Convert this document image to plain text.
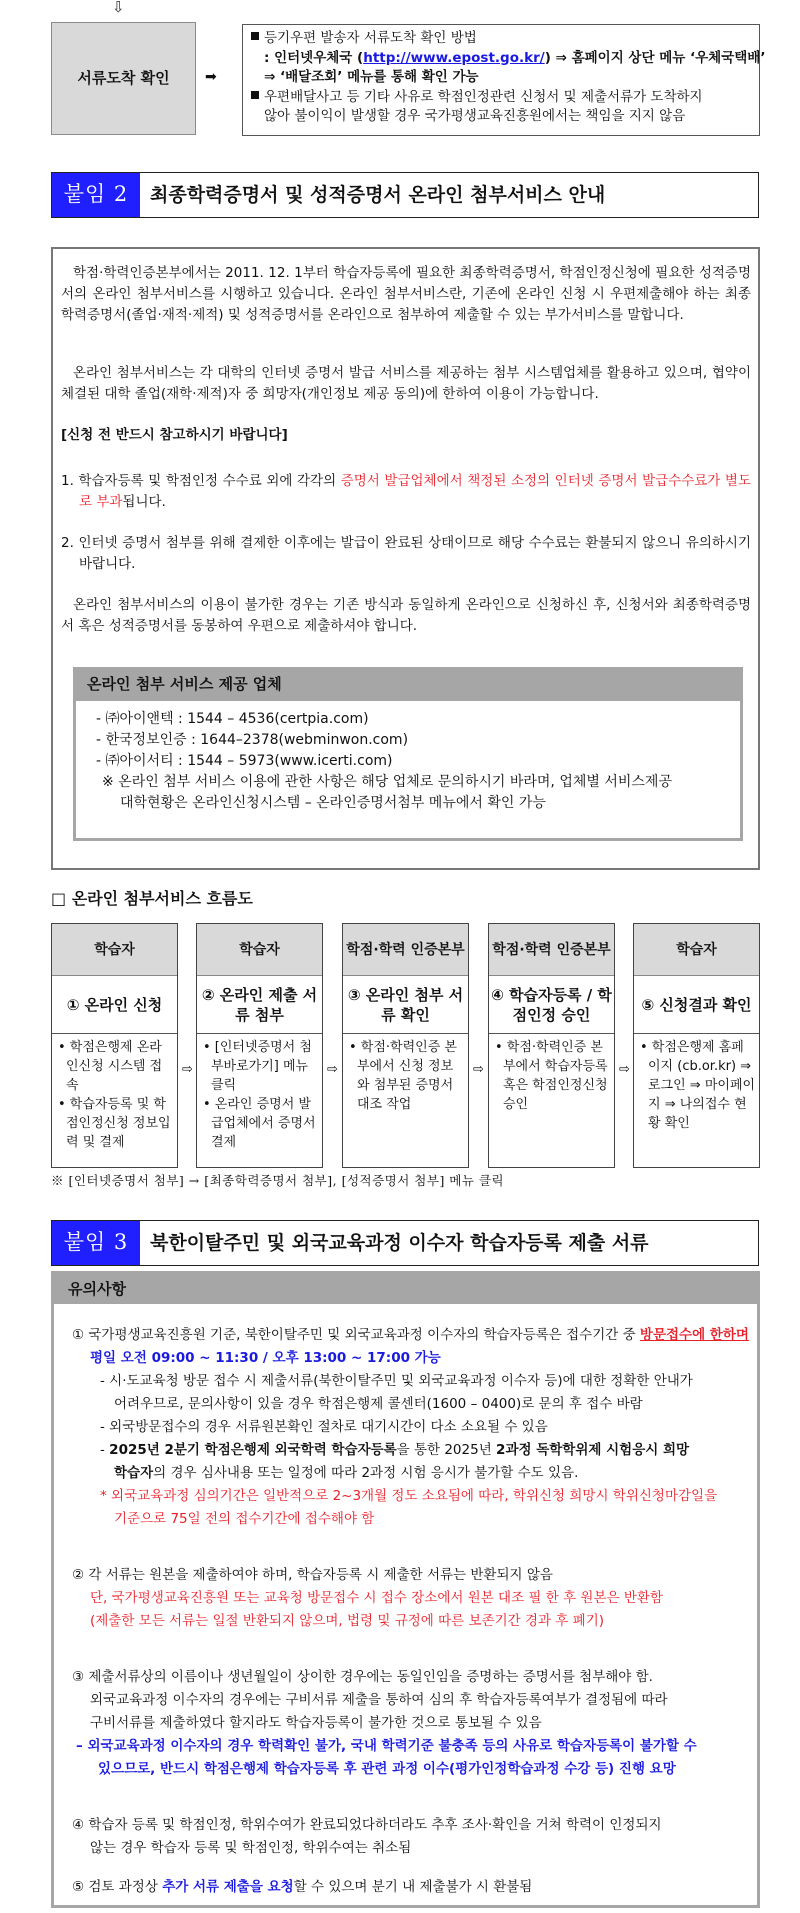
⇩
서류도착 확인	➡
등기우편 발송자 서류도착 확인 방법
: 인터넷우체국 (http://www.epost.go.kr/) ⇒ 홈페이지 상단 메뉴 ‘우체국택배’
⇒ ‘배달조회’ 메뉴를 통해 확인 가능
우편배달사고 등 기타 사유로 학점인정관련 신청서 및 제출서류가 도착하지
않아 불이익이 발생할 경우 국가평생교육진흥원에서는 책임을 지지 않음
붙임 2	최종학력증명서 및 성적증명서 온라인 첨부서비스 안내
학점·학력인증본부에서는 2011. 12. 1부터 학습자등록에 필요한 최종학력증명서, 학점인정신청에 필요한 성적증명서의 온라인 첨부서비스를 시행하고 있습니다. 온라인 첨부서비스란, 기존에 온라인 신청 시 우편제출해야 하는 최종학력증명서(졸업·재적·제적) 및 성적증명서를 온라인으로 첨부하여 제출할 수 있는 부가서비스를 말합니다.
온라인 첨부서비스는 각 대학의 인터넷 증명서 발급 서비스를 제공하는 첨부 시스템업체를 활용하고 있으며, 협약이 체결된 대학 졸업(재학·제적)자 중 희망자(개인정보 제공 동의)에 한하여 이용이 가능합니다.
[신청 전 반드시 참고하시기 바랍니다]
1. 학습자등록 및 학점인정 수수료 외에 각각의 증명서 발급업체에서 책정된 소정의 인터넷 증명서 발급수수료가 별도로 부과됩니다.
2. 인터넷 증명서 첨부를 위해 결제한 이후에는 발급이 완료된 상태이므로 해당 수수료는 환불되지 않으니 유의하시기 바랍니다.
온라인 첨부서비스의 이용이 불가한 경우는 기존 방식과 동일하게 온라인으로 신청하신 후, 신청서와 최종학력증명서 혹은 성적증명서를 동봉하여 우편으로 제출하셔야 합니다.
온라인 첨부 서비스 제공 업체
- ㈜아이앤텍 : 1544 – 4536(certpia.com)
- 한국정보인증 : 1644–2378(webminwon.com)
- ㈜아이서티 : 1544 – 5973(www.icerti.com)
※ 온라인 첨부 서비스 이용에 관한 사항은 해당 업체로 문의하시기 바라며, 업체별 서비스제공
대학현황은 온라인신청시스템 – 온라인증명서첨부 메뉴에서 확인 가능
□ 온라인 첨부서비스 흐름도
학습자
① 온라인 신청
• 학점은행제 온라인신청 시스템 접속
• 학습자등록 및 학점인정신청 정보입력 및 결제
⇨
학습자
② 온라인 제출 서류 첨부
• [인터넷증명서 첨부바로가기] 메뉴클릭
• 온라인 증명서 발급업체에서 증명서 결제
⇨
학점·학력 인증본부
③ 온라인 첨부 서류 확인
• 학점·학력인증 본부에서 신청 정보와 첨부된 증명서 대조 작업
⇨
학점·학력 인증본부
④ 학습자등록 / 학점인정 승인
• 학점·학력인증 본부에서 학습자등록 혹은 학점인정신청 승인
⇨
학습자
⑤ 신청결과 확인
• 학점은행제 홈페이지 (cb.or.kr) ⇒ 로그인 ⇒ 마이페이지 ⇒ 나의접수 현황 확인
※ [인터넷증명서 첨부] → [최종학력증명서 첨부], [성적증명서 첨부] 메뉴 클릭
붙임 3	북한이탈주민 및 외국교육과정 이수자 학습자등록 제출 서류
유의사항
① 국가평생교육진흥원 기준, 북한이탈주민 및 외국교육과정 이수자의 학습자등록은 접수기간 중 방문접수에 한하며
평일 오전 09:00 ~ 11:30 / 오후 13:00 ~ 17:00 가능
- 시·도교육청 방문 접수 시 제출서류(북한이탈주민 및 외국교육과정 이수자 등)에 대한 정확한 안내가
어려우므로, 문의사항이 있을 경우 학점은행제 콜센터(1600 – 0400)로 문의 후 접수 바람
- 외국방문접수의 경우 서류원본확인 절차로 대기시간이 다소 소요될 수 있음
- 2025년 2분기 학점은행제 외국학력 학습자등록을 통한 2025년 2과정 독학학위제 시험응시 희망
학습자의 경우 심사내용 또는 일정에 따라 2과정 시험 응시가 불가할 수도 있음.
* 외국교육과정 심의기간은 일반적으로 2~3개월 정도 소요됨에 따라, 학위신청 희망시 학위신청마감일을
기준으로 75일 전의 접수기간에 접수해야 함
② 각 서류는 원본을 제출하여야 하며, 학습자등록 시 제출한 서류는 반환되지 않음
단, 국가평생교육진흥원 또는 교육청 방문접수 시 접수 장소에서 원본 대조 필 한 후 원본은 반환함
(제출한 모든 서류는 일절 반환되지 않으며, 법령 및 규정에 따른 보존기간 경과 후 폐기)
③ 제출서류상의 이름이나 생년월일이 상이한 경우에는 동일인임을 증명하는 증명서를 첨부해야 함.
외국교육과정 이수자의 경우에는 구비서류 제출을 통하여 심의 후 학습자등록여부가 결정됨에 따라
구비서류를 제출하였다 할지라도 학습자등록이 불가한 것으로 통보될 수 있음
– 외국교육과정 이수자의 경우 학력확인 불가, 국내 학력기준 불충족 등의 사유로 학습자등록이 불가할 수
있으므로, 반드시 학점은행제 학습자등록 후 관련 과정 이수(평가인정학습과정 수강 등) 진행 요망
④ 학습자 등록 및 학점인정, 학위수여가 완료되었다하더라도 추후 조사·확인을 거쳐 학력이 인정되지
않는 경우 학습자 등록 및 학점인정, 학위수여는 취소됨
⑤ 검토 과정상 추가 서류 제출을 요청할 수 있으며 분기 내 제출불가 시 환불됨
